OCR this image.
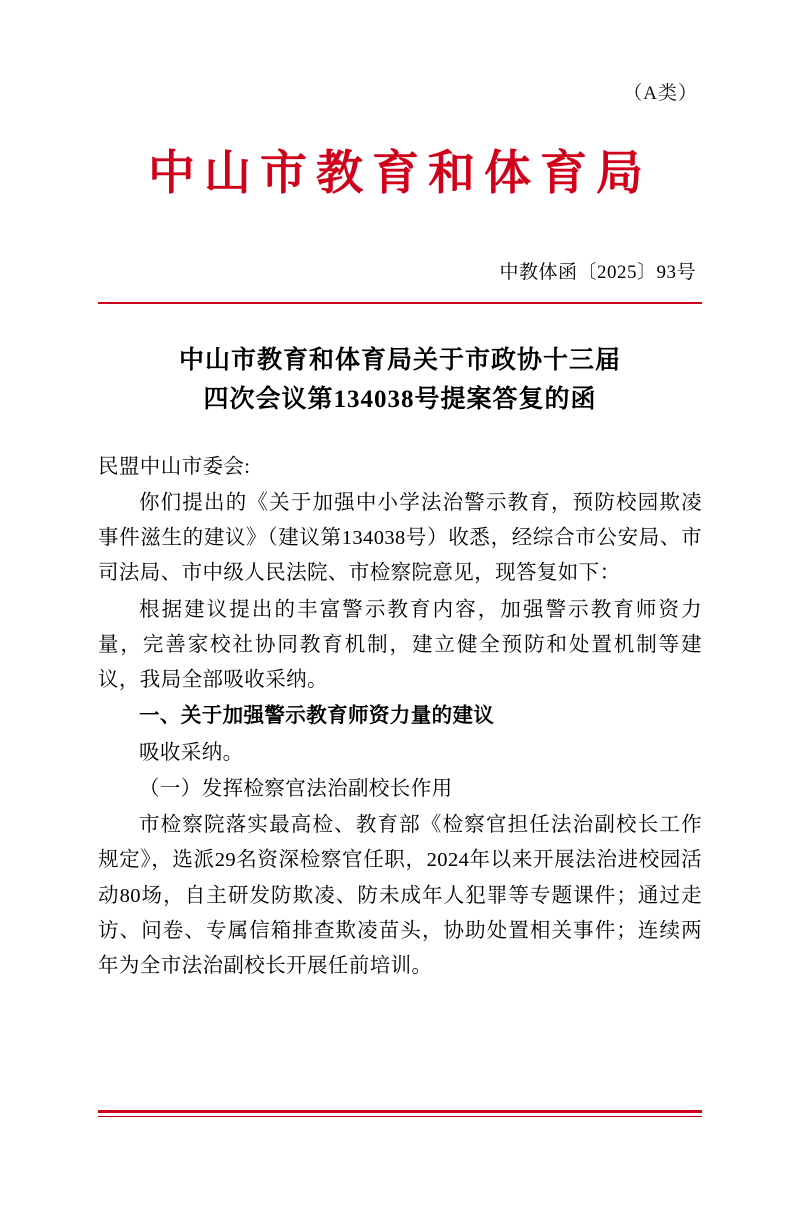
（A类）
中山市教育和体育局
中教体函〔2025〕93号
中山市教育和体育局关于市政协十三届
四次会议第134038号提案答复的函

民盟中山市委会:

你们提出的《关于加强中小学法治警示教育，预防校园欺凌事件滋生的建议》（建议第134038号）收悉，经综合市公安局、市司法局、市中级人民法院、市检察院意见，现答复如下：

根据建议提出的丰富警示教育内容，加强警示教育师资力量，完善家校社协同教育机制，建立健全预防和处置机制等建议，我局全部吸收采纳。

一、关于加强警示教育师资力量的建议

吸收采纳。

（一）发挥检察官法治副校长作用

市检察院落实最高检、教育部《检察官担任法治副校长工作规定》，选派29名资深检察官任职，2024年以来开展法治进校园活动80场，自主研发防欺凌、防未成年人犯罪等专题课件；通过走访、问卷、专属信箱排查欺凌苗头，协助处置相关事件；连续两年为全市法治副校长开展任前培训。
